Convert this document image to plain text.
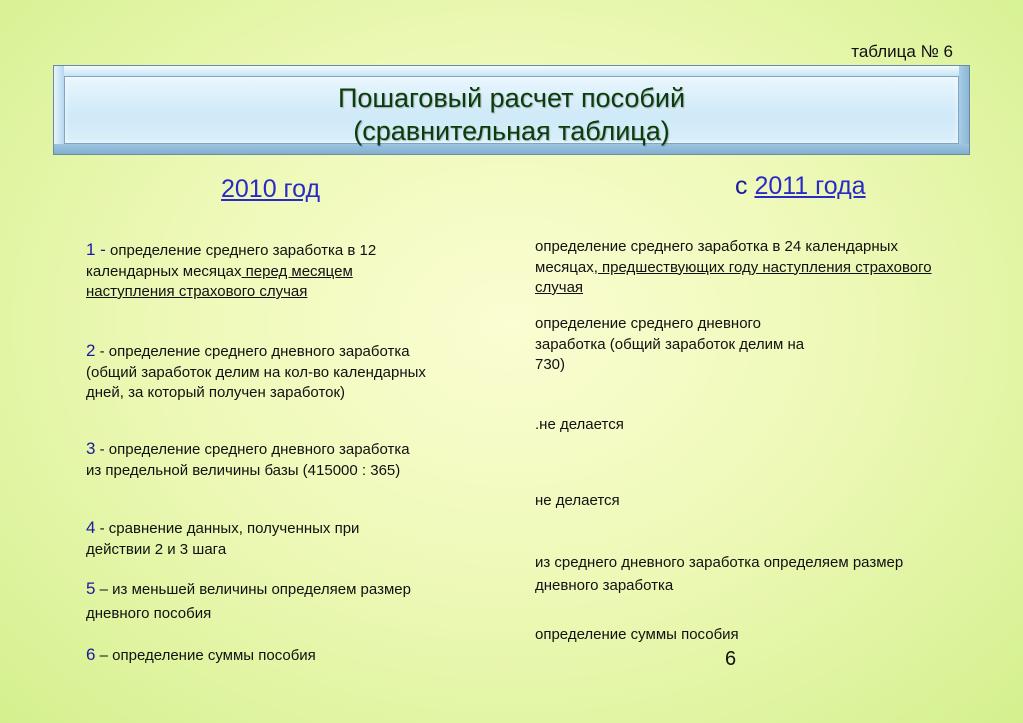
таблица № 6
Пошаговый расчет пособий
(сравнительная таблица)
2010 год	с 2011 года
1 - определение среднего заработка в 12 календарных месяцах перед месяцем наступления страхового случая
2 - определение среднего дневного заработка (общий заработок делим на кол-во календарных дней, за который получен заработок)
3 - определение среднего дневного заработка из предельной величины базы (415000 : 365)
4 - сравнение данных, полученных при действии 2 и 3 шага
5 – из меньшей величины определяем размер дневного пособия
6 – определение суммы пособия
определение среднего заработка в 24 календарных месяцах, предшествующих году наступления страхового случая
определение среднего дневного заработка (общий заработок делим на 730)
.не делается
не делается
из среднего дневного заработка определяем размер дневного заработка
определение суммы пособия
6
